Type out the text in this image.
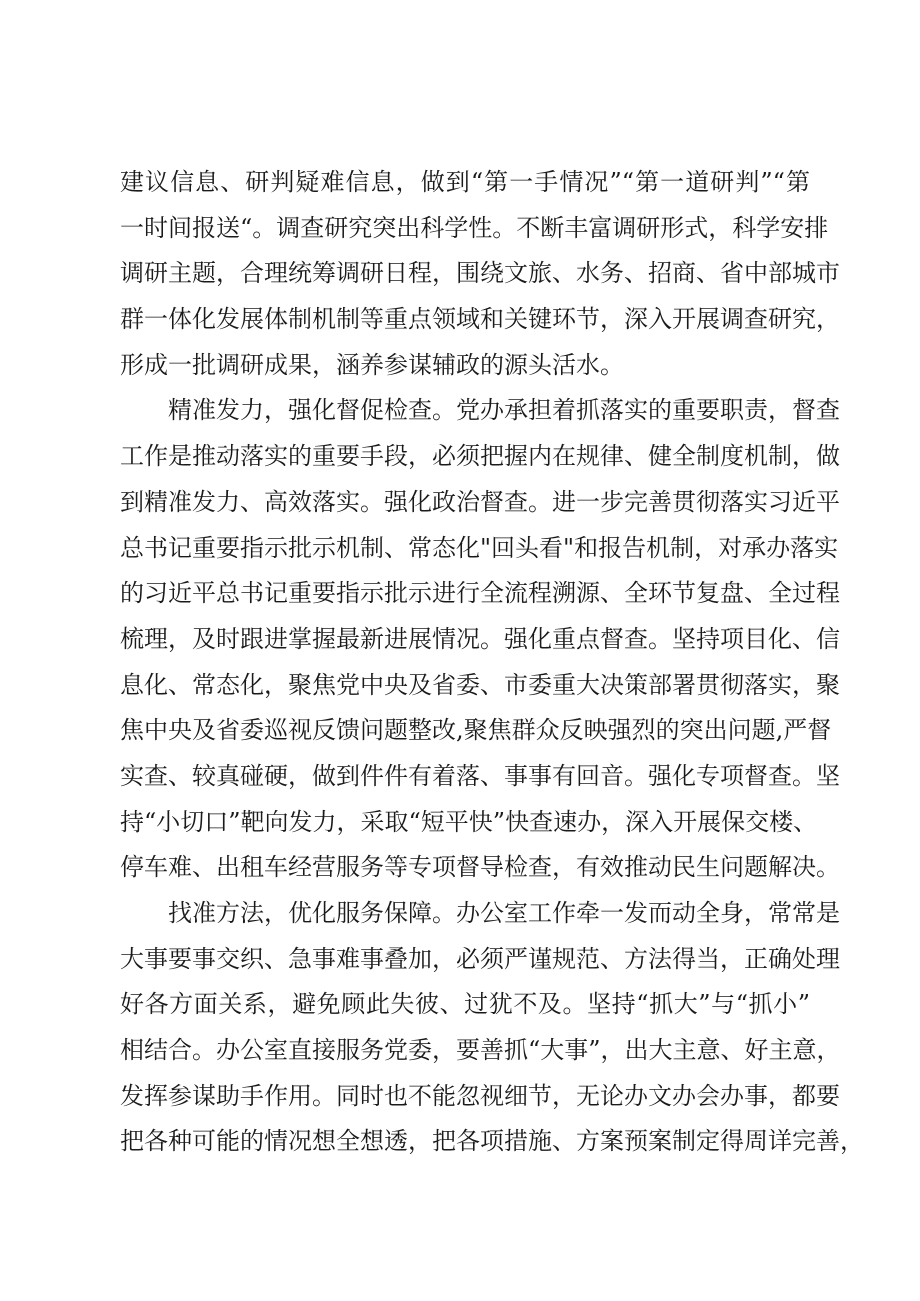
建议信息、研判疑难信息，做到“第一手情况”“第一道研判”“第
一时间报送“。调查研究突出科学性。不断丰富调研形式，科学安排
调研主题，合理统筹调研日程，围绕文旅、水务、招商、省中部城市
群一体化发展体制机制等重点领域和关键环节，深入开展调查研究，
形成一批调研成果，涵养参谋辅政的源头活水。
精准发力，强化督促检查。党办承担着抓落实的重要职责，督查
工作是推动落实的重要手段，必须把握内在规律、健全制度机制，做
到精准发力、高效落实。强化政治督查。进一步完善贯彻落实习近平
总书记重要指示批示机制、常态化"回头看"和报告机制，对承办落实
的习近平总书记重要指示批示进行全流程溯源、全环节复盘、全过程
梳理，及时跟进掌握最新进展情况。强化重点督查。坚持项目化、信
息化、常态化，聚焦党中央及省委、市委重大决策部署贯彻落实，聚
焦中央及省委巡视反馈问题整改,聚焦群众反映强烈的突出问题,严督
实查、较真碰硬，做到件件有着落、事事有回音。强化专项督查。坚
持“小切口”靶向发力，采取“短平快”快查速办，深入开展保交楼、
停车难、出租车经营服务等专项督导检查，有效推动民生问题解决。
找准方法，优化服务保障。办公室工作牵一发而动全身，常常是
大事要事交织、急事难事叠加，必须严谨规范、方法得当，正确处理
好各方面关系，避免顾此失彼、过犹不及。坚持“抓大”与“抓小”
相结合。办公室直接服务党委，要善抓“大事”，出大主意、好主意，
发挥参谋助手作用。同时也不能忽视细节，无论办文办会办事，都要
把各种可能的情况想全想透，把各项措施、方案预案制定得周详完善，
